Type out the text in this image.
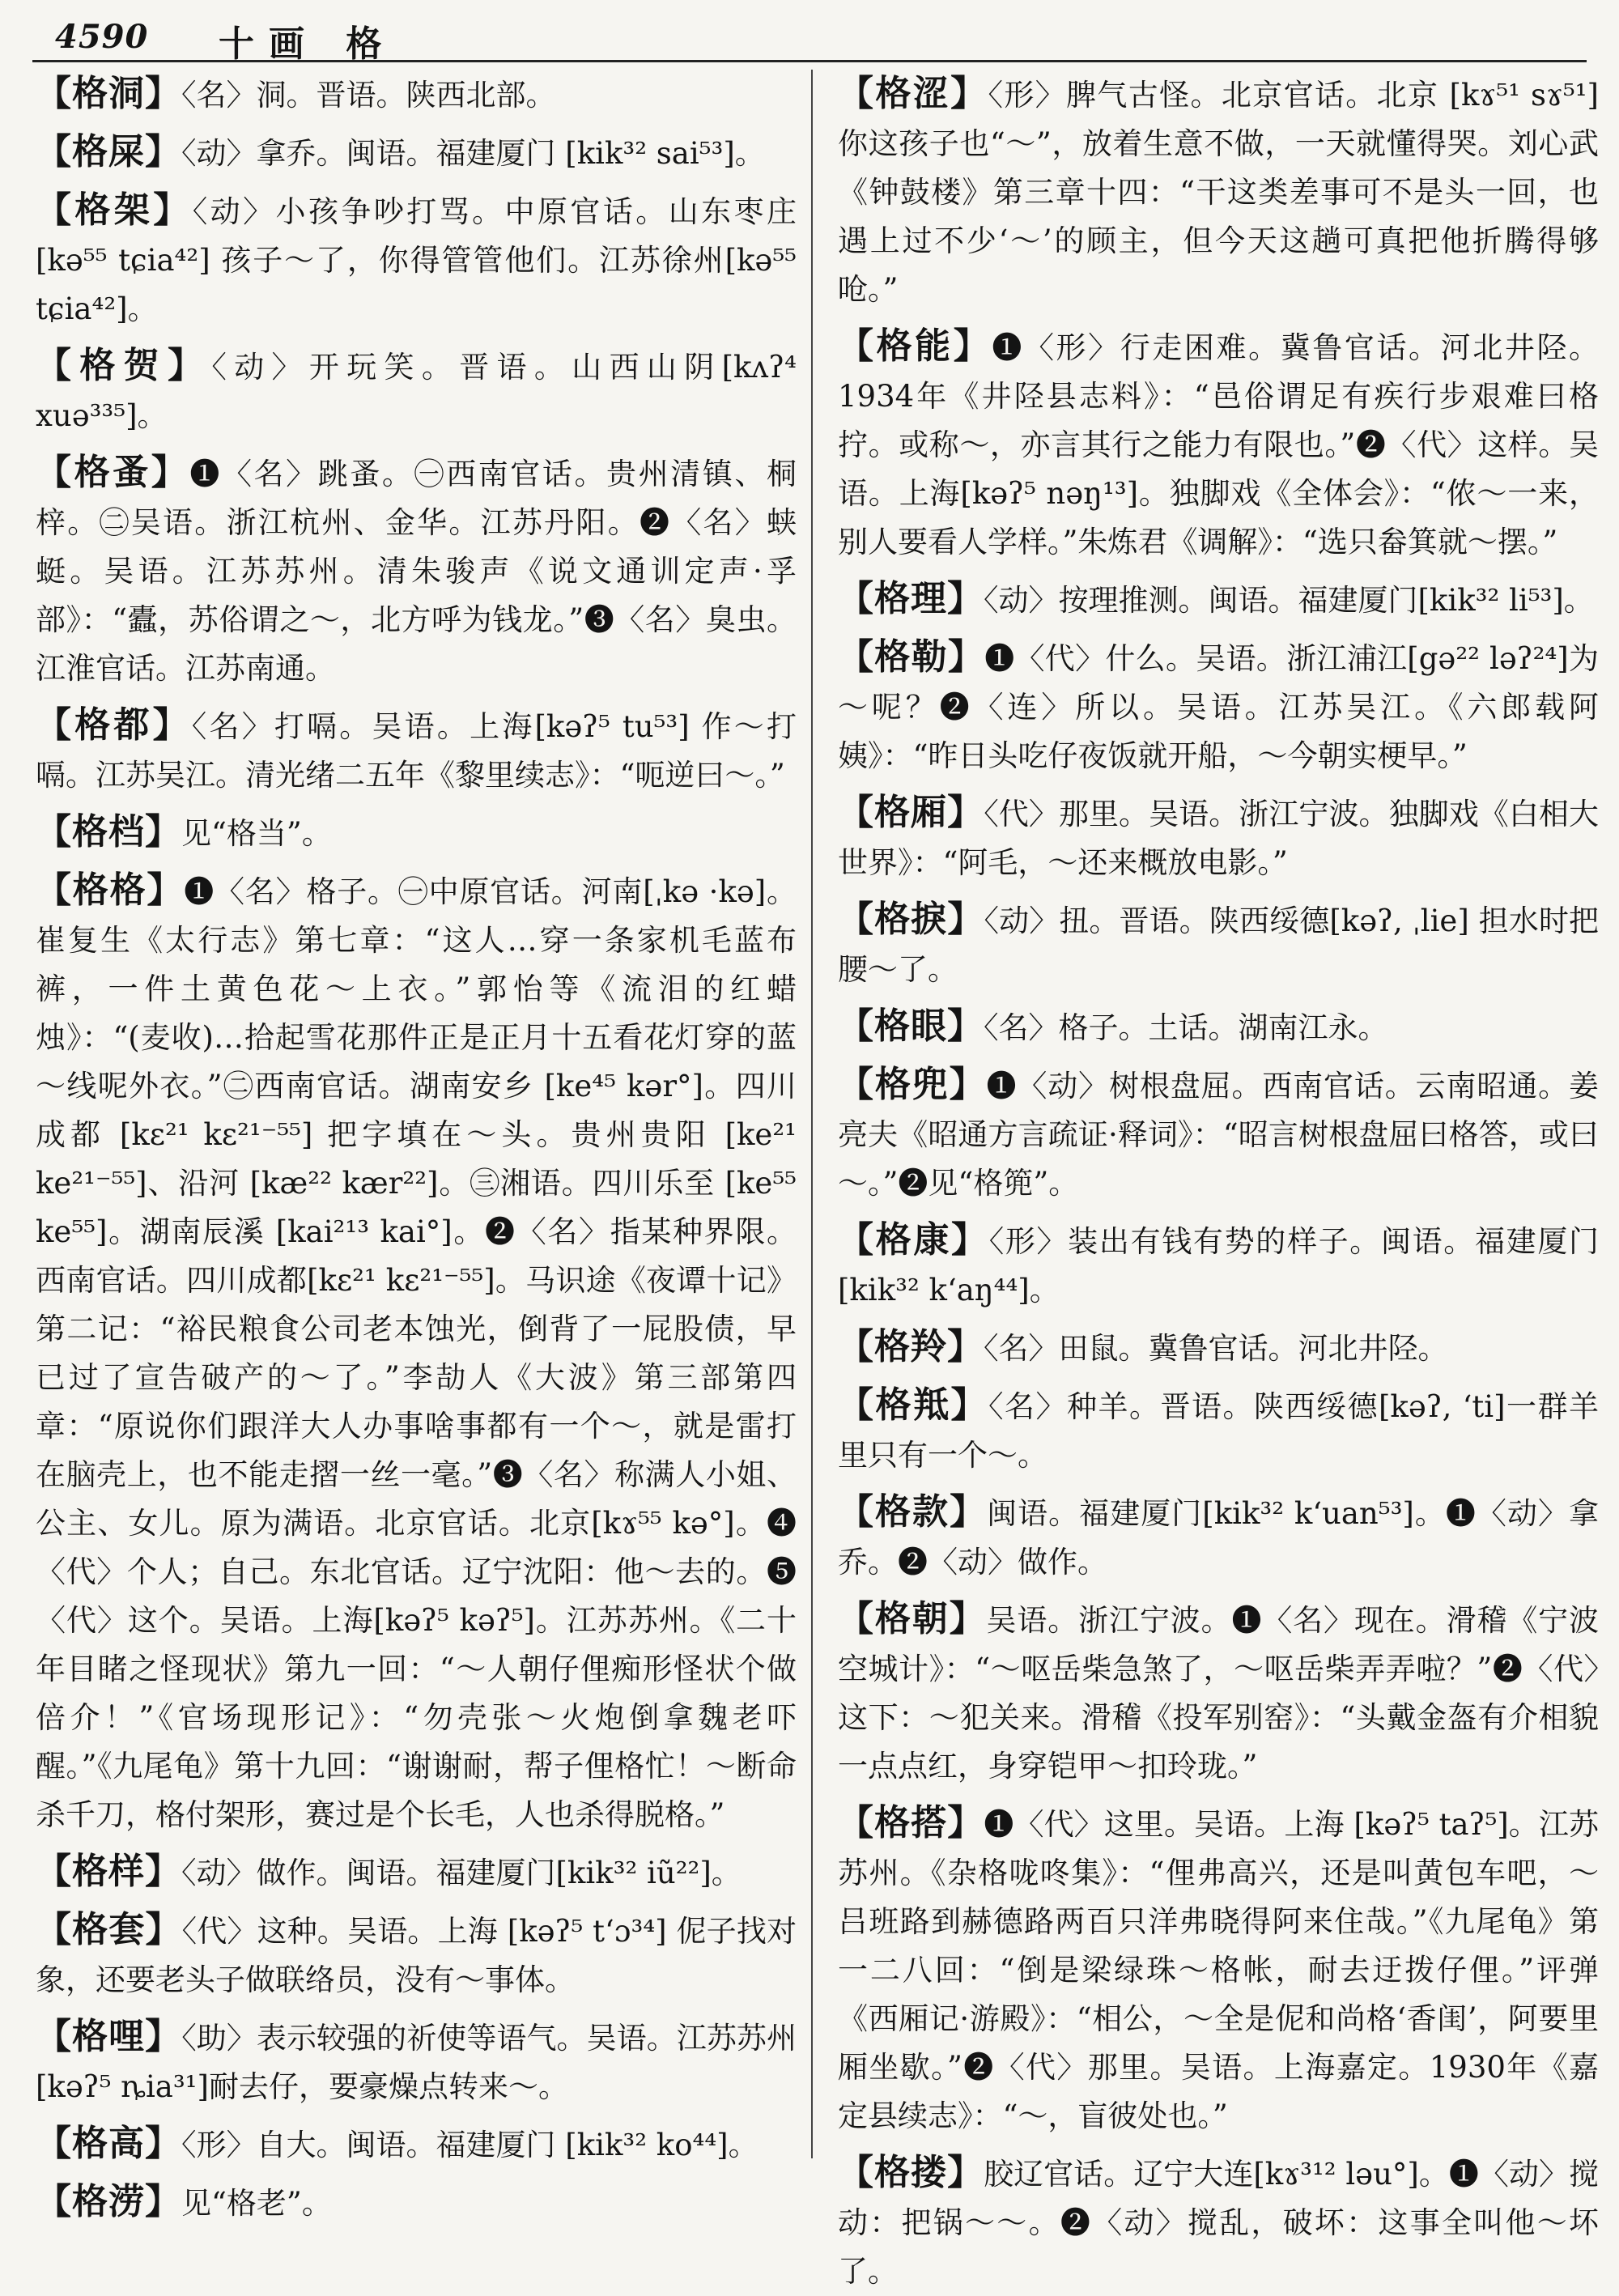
4590 十画 格
【格洞】〈名〉洞。晋语。陕西北部。
【格屎】〈动〉拿乔。闽语。福建厦门 [kik³² sai⁵³]。
【格架】〈动〉小孩争吵打骂。中原官话。山东枣庄[kə⁵⁵ tɕia⁴²] 孩子～了，你得管管他们。江苏徐州[kə⁵⁵ tɕia⁴²]。
【格贺】〈动〉开玩笑。晋语。山西山阴[kʌʔ⁴ xuə³³⁵]。
【格蚤】❶〈名〉跳蚤。㊀西南官话。贵州清镇、桐梓。㊁吴语。浙江杭州、金华。江苏丹阳。❷〈名〉蛱蜓。吴语。江苏苏州。清朱骏声《说文通训定声·孚部》：“蠹，苏俗谓之～，北方呼为钱龙。”❸〈名〉臭虫。江淮官话。江苏南通。
【格都】〈名〉打嗝。吴语。上海[kəʔ⁵ tu⁵³] 作～打嗝。江苏吴江。清光绪二五年《黎里续志》：“呃逆曰～。”
【格档】见“格当”。
【格格】❶〈名〉格子。㊀中原官话。河南[ˌkə ·kə]。崔复生《太行志》第七章：“这人…穿一条家机毛蓝布裤，一件土黄色花～上衣。”郭怡等《流泪的红蜡烛》：“(麦收)…拾起雪花那件正是正月十五看花灯穿的蓝～线呢外衣。”㊁西南官话。湖南安乡 [ke⁴⁵ kər°]。四川成都 [kɛ²¹ kɛ²¹⁻⁵⁵] 把字填在～头。贵州贵阳 [ke²¹ ke²¹⁻⁵⁵]、沿河 [kæ²² kær²²]。㊂湘语。四川乐至 [ke⁵⁵ ke⁵⁵]。湖南辰溪 [kai²¹³ kai°]。❷〈名〉指某种界限。西南官话。四川成都[kɛ²¹ kɛ²¹⁻⁵⁵]。马识途《夜谭十记》第二记：“裕民粮食公司老本蚀光，倒背了一屁股债，早已过了宣告破产的～了。”李劼人《大波》第三部第四章：“原说你们跟洋大人办事啥事都有一个～，就是雷打在脑壳上，也不能走摺一丝一毫。”❸〈名〉称满人小姐、公主、女儿。原为满语。北京官话。北京[kɤ⁵⁵ kə°]。❹〈代〉个人；自己。东北官话。辽宁沈阳：他～去的。❺〈代〉这个。吴语。上海[kəʔ⁵ kəʔ⁵]。江苏苏州。《二十年目睹之怪现状》第九一回：“～人朝仔俚痴形怪状个做倍介！”《官场现形记》：“勿壳张～火炮倒拿魏老吓醒。”《九尾龟》第十九回：“谢谢耐，帮子俚格忙！～断命杀千刀，格付架形，赛过是个长毛，人也杀得脱格。”
【格样】〈动〉做作。闽语。福建厦门[kik³² iũ²²]。
【格套】〈代〉这种。吴语。上海 [kəʔ⁵ t‘ɔ³⁴] 伲子找对象，还要老头子做联络员，没有～事体。
【格哩】〈助〉表示较强的祈使等语气。吴语。江苏苏州 [kəʔ⁵ ȵia³¹]耐去仔，要豪燥点转来～。
【格高】〈形〉自大。闽语。福建厦门 [kik³² ko⁴⁴]。
【格涝】见“格老”。
【格涩】〈形〉脾气古怪。北京官话。北京 [kɤ⁵¹ sɤ⁵¹] 你这孩子也“～”，放着生意不做，一天就懂得哭。刘心武《钟鼓楼》第三章十四：“干这类差事可不是头一回，也遇上过不少‘～’的顾主，但今天这趟可真把他折腾得够呛。”
【格能】❶〈形〉行走困难。冀鲁官话。河北井陉。1934年《井陉县志料》：“邑俗谓足有疾行步艰难曰格拧。或称～，亦言其行之能力有限也。”❷〈代〉这样。吴语。上海[kəʔ⁵ nəŋ¹³]。独脚戏《全体会》：“侬～一来，别人要看人学样。”朱炼君《调解》：“选只畚箕就～摆。”
【格理】〈动〉按理推测。闽语。福建厦门[kik³² li⁵³]。
【格勒】❶〈代〉什么。吴语。浙江浦江[gə²² ləʔ²⁴]为～呢？❷〈连〉所以。吴语。江苏吴江。《六郎载阿姨》：“昨日头吃仔夜饭就开船，～今朝实梗早。”
【格厢】〈代〉那里。吴语。浙江宁波。独脚戏《白相大世界》：“阿毛，～还来概放电影。”
【格捩】〈动〉扭。晋语。陕西绥德[kəʔ, ˌlie] 担水时把腰～了。
【格眼】〈名〉格子。土话。湖南江永。
【格兜】❶〈动〉树根盘屈。西南官话。云南昭通。姜亮夫《昭通方言疏证·释词》：“昭言树根盘屈曰格答，或曰～。”❷见“格篼”。
【格康】〈形〉装出有钱有势的样子。闽语。福建厦门 [kik³² k‘aŋ⁴⁴]。
【格羚】〈名〉田鼠。冀鲁官话。河北井陉。
【格羝】〈名〉种羊。晋语。陕西绥德[kəʔ, ‘ti]一群羊里只有一个～。
【格款】闽语。福建厦门[kik³² k‘uan⁵³]。❶〈动〉拿乔。❷〈动〉做作。
【格朝】吴语。浙江宁波。❶〈名〉现在。滑稽《宁波空城计》：“～呕岳柴急煞了，～呕岳柴弄弄啦？”❷〈代〉这下：～犯关来。滑稽《投军别窑》：“头戴金盔有介相貌一点点红，身穿铠甲～扣玲珑。”
【格搭】❶〈代〉这里。吴语。上海 [kəʔ⁵ taʔ⁵]。江苏苏州。《杂格咙咚集》：“俚弗高兴，还是叫黄包车吧，～吕班路到赫德路两百只洋弗晓得阿来住哉。”《九尾龟》第一二八回：“倒是梁绿珠～格帐，耐去迂拨仔俚。”评弹《西厢记·游殿》：“相公，～全是伲和尚格‘香闺’，阿要里厢坐歇。”❷〈代〉那里。吴语。上海嘉定。1930年《嘉定县续志》：“～，盲彼处也。”
【格搂】胶辽官话。辽宁大连[kɤ³¹² ləu°]。❶〈动〉搅动：把锅～～。❷〈动〉搅乱，破坏：这事全叫他～坏了。
